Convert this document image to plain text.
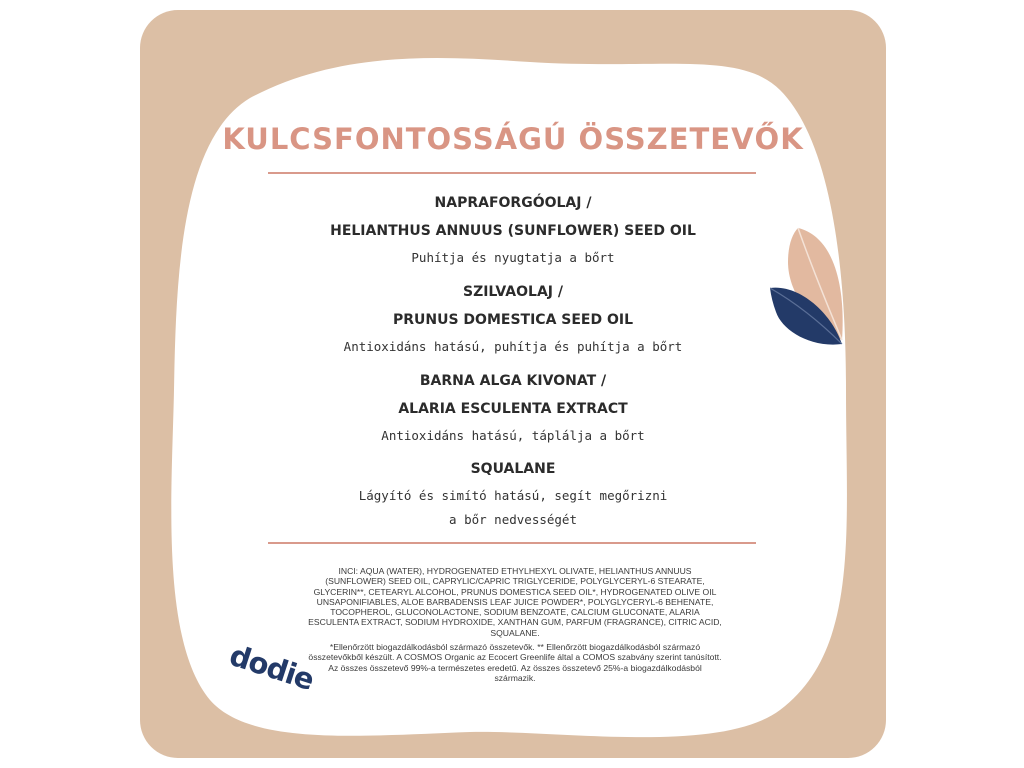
KULCSFONTOSSÁGÚ ÖSSZETEVŐK
NAPRAFORGÓOLAJ /
HELIANTHUS ANNUUS (SUNFLOWER) SEED OIL
Puhítja és nyugtatja a bőrt
SZILVAOLAJ /
PRUNUS DOMESTICA SEED OIL
Antioxidáns hatású, puhítja és puhítja a bőrt
BARNA ALGA KIVONAT /
ALARIA ESCULENTA EXTRACT
Antioxidáns hatású, táplálja a bőrt
SQUALANE
Lágyító és simító hatású, segít megőrizni
a bőr nedvességét
INCI: AQUA (WATER), HYDROGENATED ETHYLHEXYL OLIVATE, HELIANTHUS ANNUUS (SUNFLOWER) SEED OIL, CAPRYLIC/CAPRIC TRIGLYCERIDE, POLYGLYCERYL-6 STEARATE, GLYCERIN**, CETEARYL ALCOHOL, PRUNUS DOMESTICA SEED OIL*, HYDROGENATED OLIVE OIL UNSAPONIFIABLES, ALOE BARBADENSIS LEAF JUICE POWDER*, POLYGLYCERYL-6 BEHENATE, TOCOPHEROL, GLUCONOLACTONE, SODIUM BENZOATE, CALCIUM GLUCONATE, ALARIA ESCULENTA EXTRACT, SODIUM HYDROXIDE, XANTHAN GUM, PARFUM (FRAGRANCE), CITRIC ACID, SQUALANE.
*Ellenőrzött biogazdálkodásból származó összetevők. ** Ellenőrzött biogazdálkodásból származó összetevőkből készült. A COSMOS Organic az Ecocert Greenlife által a COMOS szabvány szerint tanúsított. Az összes összetevő 99%-a természetes eredetű. Az összes összetevő 25%-a biogazdálkodásból származik.
dodie
